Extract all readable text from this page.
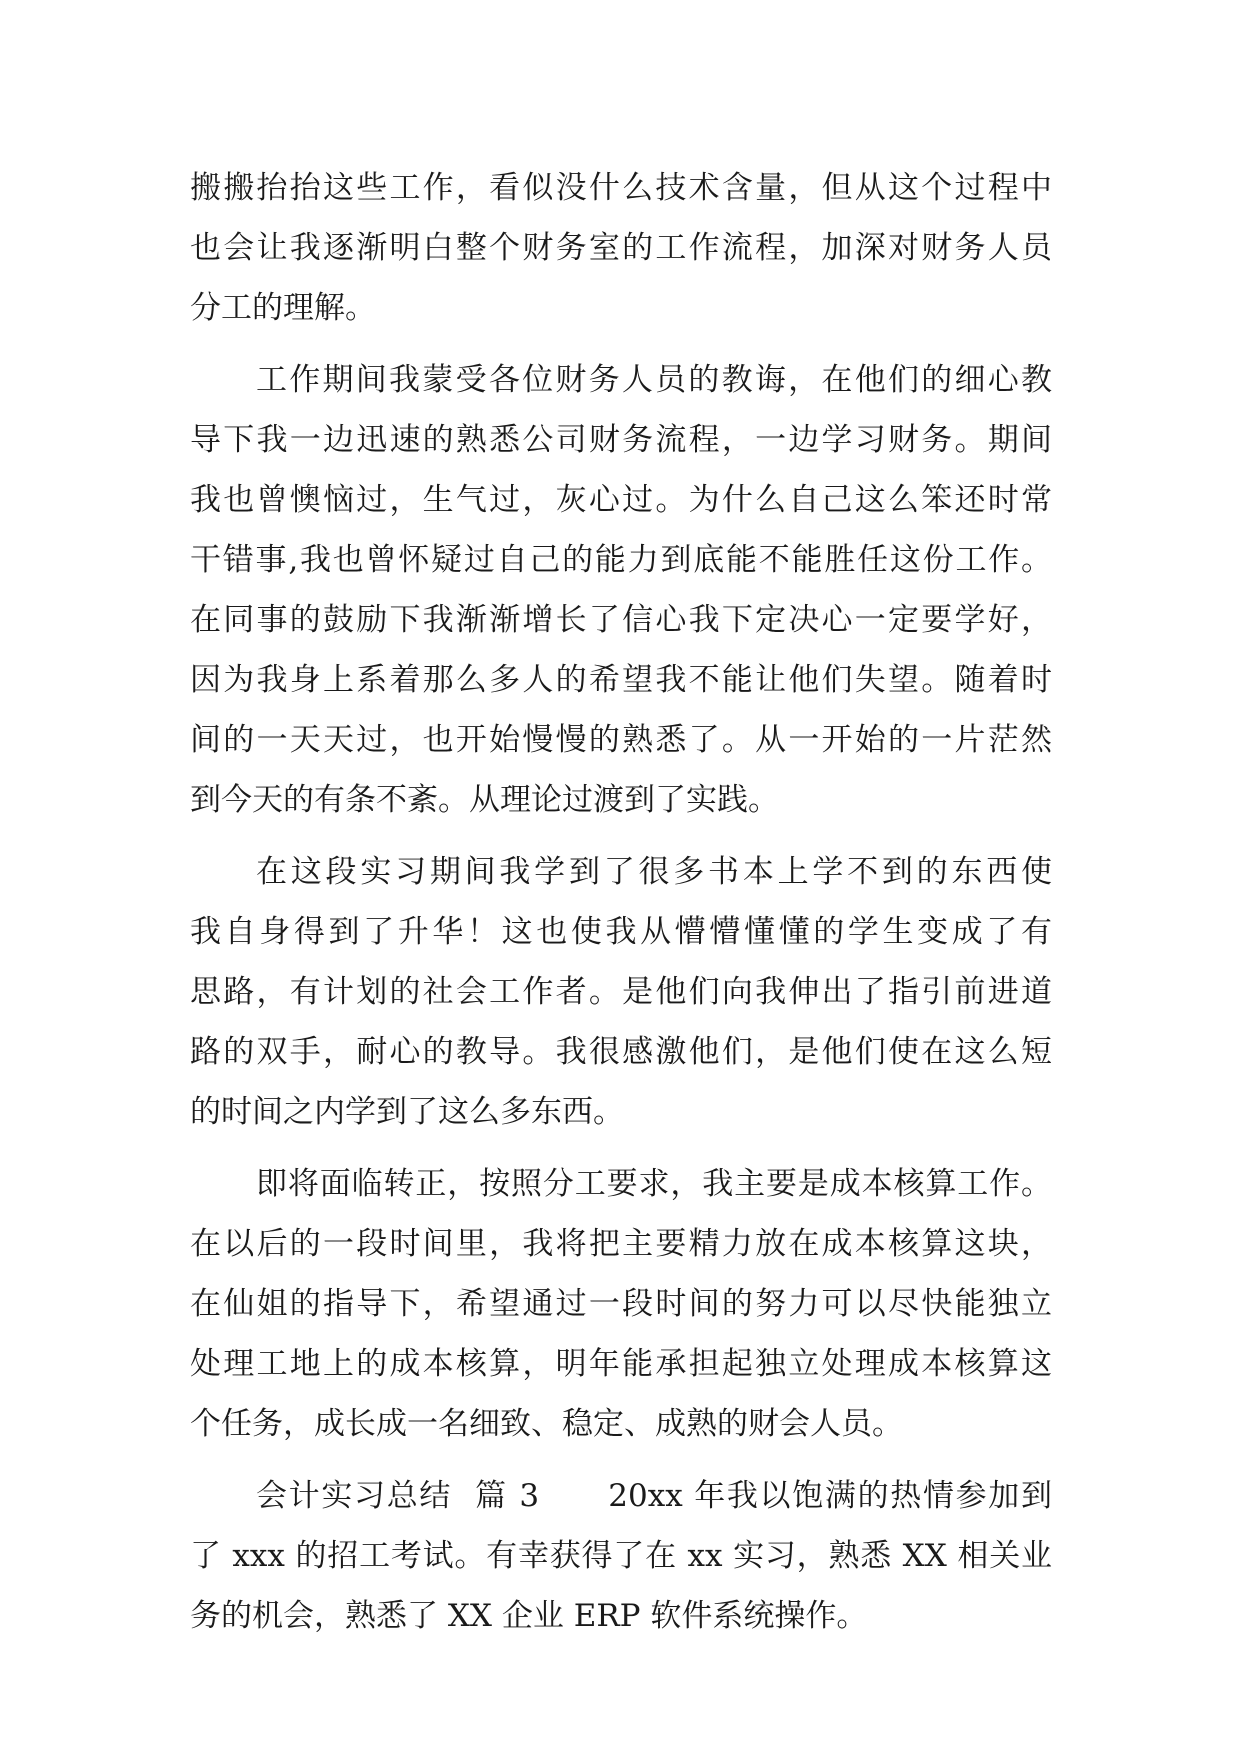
搬搬抬抬这些工作，看似没什么技术含量，但从这个过程中
也会让我逐渐明白整个财务室的工作流程，加深对财务人员
分工的理解。
工作期间我蒙受各位财务人员的教诲，在他们的细心教
导下我一边迅速的熟悉公司财务流程，一边学习财务。期间
我也曾懊恼过，生气过，灰心过。为什么自己这么笨还时常
干错事,我也曾怀疑过自己的能力到底能不能胜任这份工作。
在同事的鼓励下我渐渐增长了信心我下定决心一定要学好，
因为我身上系着那么多人的希望我不能让他们失望。随着时
间的一天天过，也开始慢慢的熟悉了。从一开始的一片茫然
到今天的有条不紊。从理论过渡到了实践。
在这段实习期间我学到了很多书本上学不到的东西使
我自身得到了升华！这也使我从懵懵懂懂的学生变成了有
思路，有计划的社会工作者。是他们向我伸出了指引前进道
路的双手，耐心的教导。我很感激他们，是他们使在这么短
的时间之内学到了这么多东西。
即将面临转正，按照分工要求，我主要是成本核算工作。
在以后的一段时间里，我将把主要精力放在成本核算这块，
在仙姐的指导下，希望通过一段时间的努力可以尽快能独立
处理工地上的成本核算，明年能承担起独立处理成本核算这
个任务，成长成一名细致、稳定、成熟的财会人员。
会计实习总结  篇 3      20xx 年我以饱满的热情参加到
了 xxx 的招工考试。有幸获得了在 xx 实习，熟悉 XX 相关业
务的机会，熟悉了 XX 企业 ERP 软件系统操作。
